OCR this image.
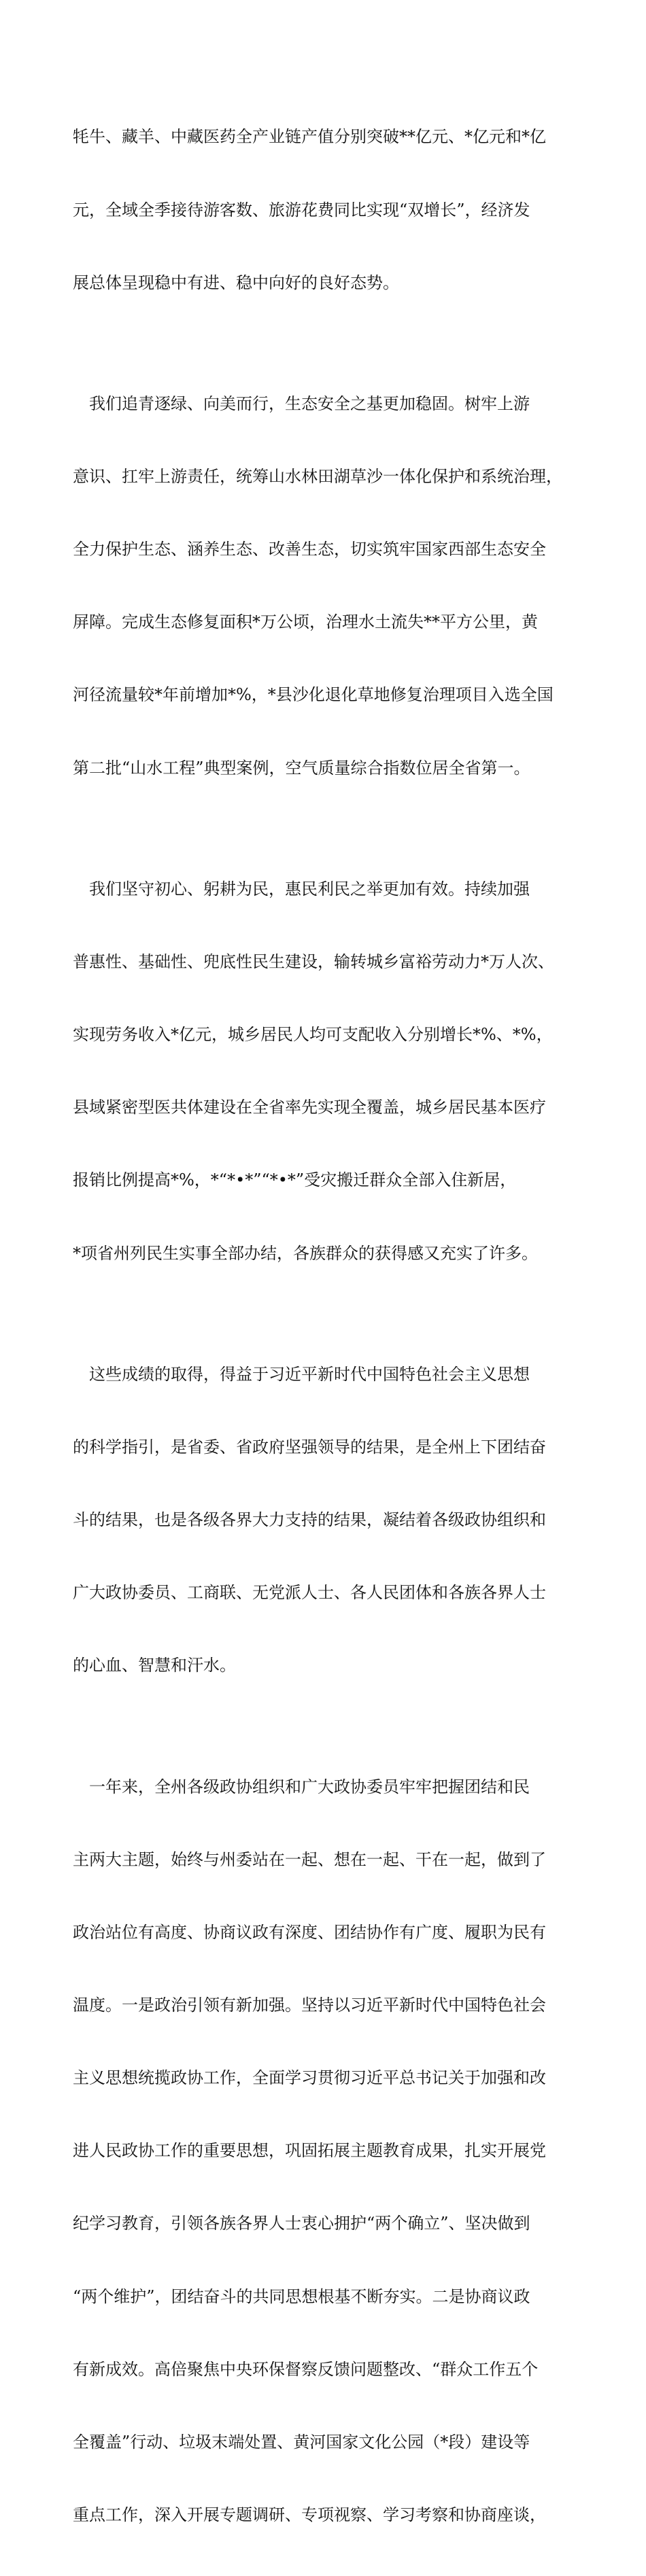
牦牛、藏羊、中藏医药全产业链产值分别突破**亿元、*亿元和*亿

元，全域全季接待游客数、旅游花费同比实现“双增长”，经济发

展总体呈现稳中有进、稳中向好的良好态势。

我们追青逐绿、向美而行，生态安全之基更加稳固。树牢上游

意识、扛牢上游责任，统筹山水林田湖草沙一体化保护和系统治理，

全力保护生态、涵养生态、改善生态，切实筑牢国家西部生态安全

屏障。完成生态修复面积*万公顷，治理水土流失**平方公里，黄

河径流量较*年前增加*%，*县沙化退化草地修复治理项目入选全国

第二批“山水工程”典型案例，空气质量综合指数位居全省第一。

我们坚守初心、躬耕为民，惠民利民之举更加有效。持续加强

普惠性、基础性、兜底性民生建设，输转城乡富裕劳动力*万人次、

实现劳务收入*亿元，城乡居民人均可支配收入分别增长*%、*%，

县域紧密型医共体建设在全省率先实现全覆盖，城乡居民基本医疗

报销比例提高*%，*“*•*”“*•*”受灾搬迁群众全部入住新居，

*项省州列民生实事全部办结，各族群众的获得感又充实了许多。

这些成绩的取得，得益于习近平新时代中国特色社会主义思想

的科学指引，是省委、省政府坚强领导的结果，是全州上下团结奋

斗的结果，也是各级各界大力支持的结果，凝结着各级政协组织和

广大政协委员、工商联、无党派人士、各人民团体和各族各界人士

的心血、智慧和汗水。

一年来，全州各级政协组织和广大政协委员牢牢把握团结和民

主两大主题，始终与州委站在一起、想在一起、干在一起，做到了

政治站位有高度、协商议政有深度、团结协作有广度、履职为民有

温度。一是政治引领有新加强。坚持以习近平新时代中国特色社会

主义思想统揽政协工作，全面学习贯彻习近平总书记关于加强和改

进人民政协工作的重要思想，巩固拓展主题教育成果，扎实开展党

纪学习教育，引领各族各界人士衷心拥护“两个确立”、坚决做到

“两个维护”，团结奋斗的共同思想根基不断夯实。二是协商议政

有新成效。高倍聚焦中央环保督察反馈问题整改、“群众工作五个

全覆盖”行动、垃圾末端处置、黄河国家文化公园（*段）建设等

重点工作，深入开展专题调研、专项视察、学习考察和协商座谈，
